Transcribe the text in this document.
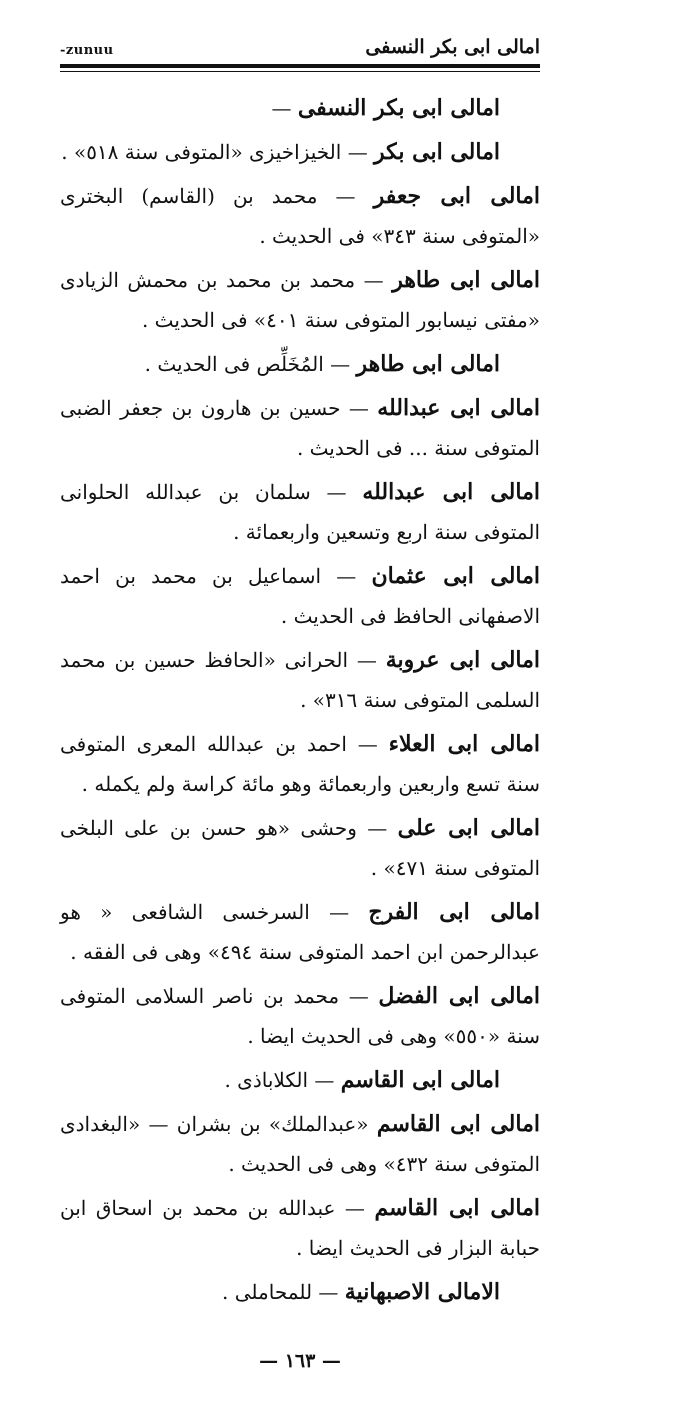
-zunuu	امالى ابى بكر النسفى
امالى ابى بكر النسفى —
امالى ابى بكر — الخيزاخيزى «المتوفى سنة ٥١٨» .
امالى ابى جعفر — محمد بن (القاسم) البخترى «المتوفى سنة ٣٤٣» فى الحديث .
امالى ابى طاهر — محمد بن محمد بن محمش الزيادى «مفتى نيسابور المتوفى سنة ٤٠١» فى الحديث .
امالى ابى طاهر — المُخَلِّص فى الحديث .
امالى ابى عبدالله — حسين بن هارون بن جعفر الضبى المتوفى سنة ... فى الحديث .
امالى ابى عبدالله — سلمان بن عبدالله الحلوانى المتوفى سنة اربع وتسعين واربعمائة .
امالى ابى عثمان — اسماعيل بن محمد بن احمد الاصفهانى الحافظ فى الحديث .
امالى ابى عروبة — الحرانى «الحافظ حسين بن محمد السلمى المتوفى سنة ٣١٦» .
امالى ابى العلاء — احمد بن عبدالله المعرى المتوفى سنة تسع واربعين واربعمائة وهو مائة كراسة ولم يكمله .
امالى ابى على — وحشى «هو حسن بن على البلخى المتوفى سنة ٤٧١» .
امالى ابى الفرج — السرخسى الشافعى « هو عبدالرحمن ابن احمد المتوفى سنة ٤٩٤» وهى فى الفقه .
امالى ابى الفضل — محمد بن ناصر السلامى المتوفى سنة «٥٥٠» وهى فى الحديث ايضا .
امالى ابى القاسم — الكلاباذى .
امالى ابى القاسم «عبدالملك» بن بشران — «البغدادى المتوفى سنة ٤٣٢» وهى فى الحديث .
امالى ابى القاسم — عبدالله بن محمد بن اسحاق ابن حبابة البزار فى الحديث ايضا .
الامالى الاصبهانية — للمحاملى .
— ١٦٣ —
